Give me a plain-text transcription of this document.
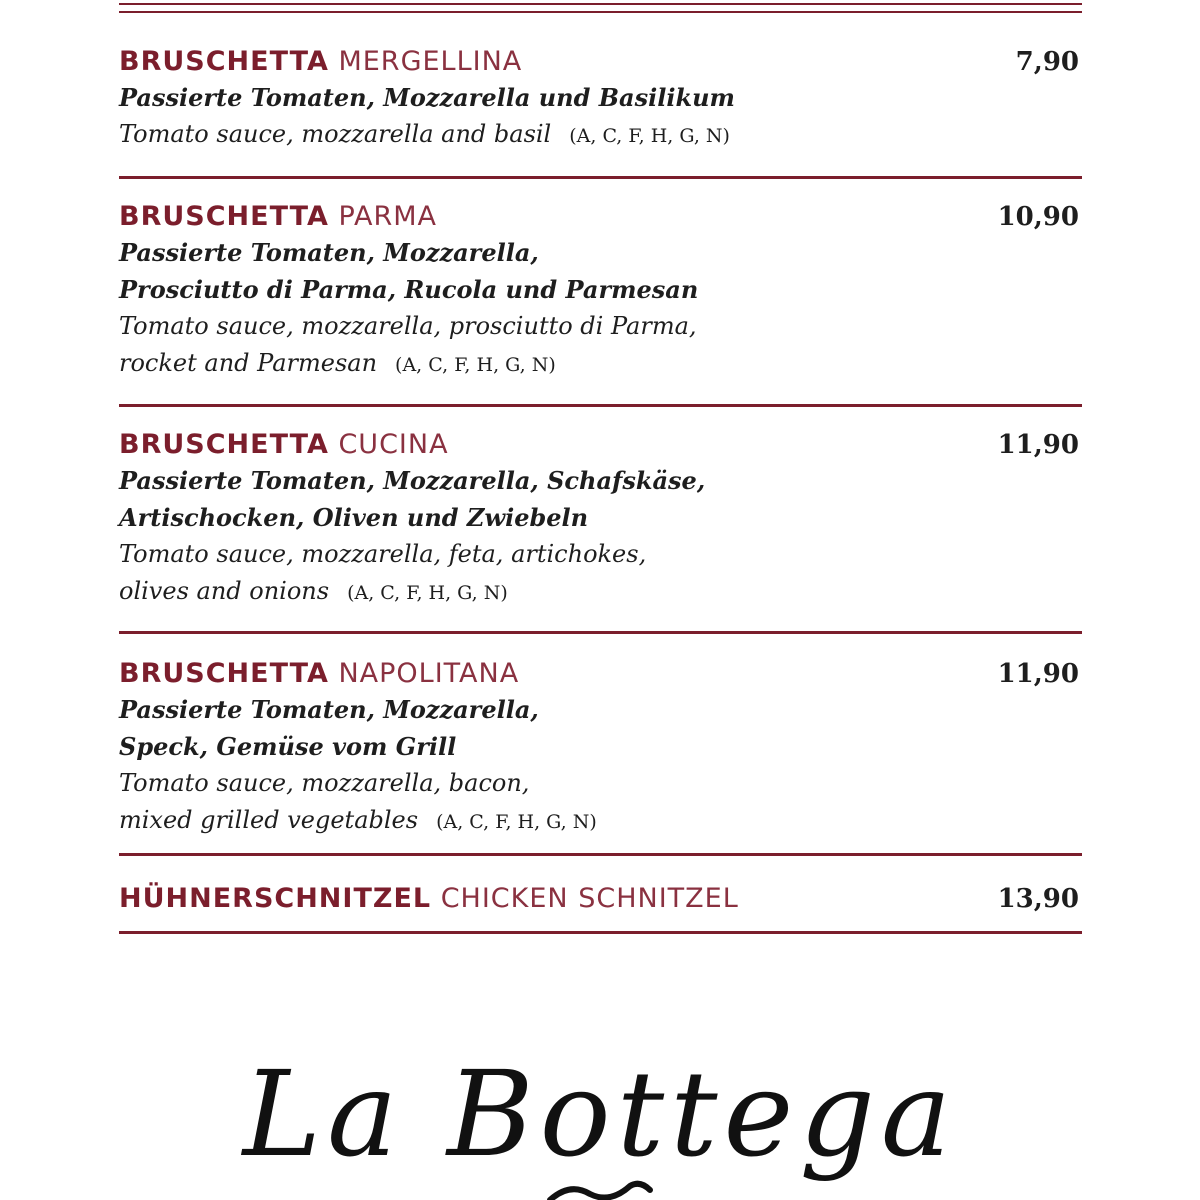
BRUSCHETTA MERGELLINA	7,90
Passierte Tomaten, Mozzarella und Basilikum
Tomato sauce, mozzarella and basil (A, C, F, H, G, N)
BRUSCHETTA PARMA	10,90
Passierte Tomaten, Mozzarella,
Prosciutto di Parma, Rucola und Parmesan
Tomato sauce, mozzarella, prosciutto di Parma,
rocket and Parmesan (A, C, F, H, G, N)
BRUSCHETTA CUCINA	11,90
Passierte Tomaten, Mozzarella, Schafskäse,
Artischocken, Oliven und Zwiebeln
Tomato sauce, mozzarella, feta, artichokes,
olives and onions (A, C, F, H, G, N)
BRUSCHETTA NAPOLITANA	11,90
Passierte Tomaten, Mozzarella,
Speck, Gemüse vom Grill
Tomato sauce, mozzarella, bacon,
mixed grilled vegetables (A, C, F, H, G, N)
HÜHNERSCHNITZEL CHICKEN SCHNITZEL	13,90
La Bottega
